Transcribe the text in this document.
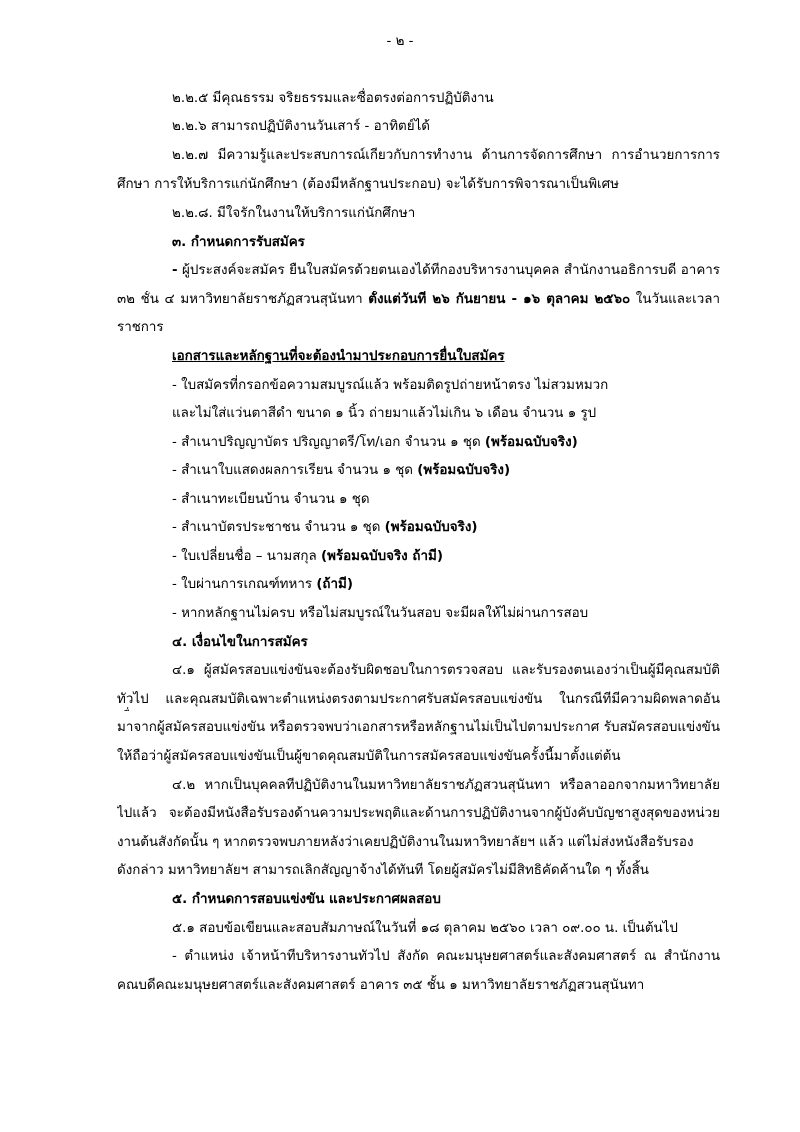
- ๒ -
๒.๒.๕ มีคุณธรรม จริยธรรมและซื่อตรงต่อการปฏิบัติงาน
๒.๒.๖ สามารถปฏิบัติงานวันเสาร์ - อาทิตย์ได้
๒.๒.๗ มีความรู้และประสบการณ์เกี่ยวกับการทำงาน ด้านการจัดการศึกษา การอำนวยการการ
ศึกษา การให้บริการแก่นักศึกษา (ต้องมีหลักฐานประกอบ) จะได้รับการพิจารณาเป็นพิเศษ
๒.๒.๘. มีใจรักในงานให้บริการแก่นักศึกษา
๓. กำหนดการรับสมัคร
- ผู้ประสงค์จะสมัคร ยื่นใบสมัครด้วยตนเองได้ที่กองบริหารงานบุคคล สำนักงานอธิการบดี อาคาร
๓๒ ชั้น ๔ มหาวิทยาลัยราชภัฏสวนสุนันทา ตั้งแต่วันที่ ๒๖ กันยายน - ๑๖ ตุลาคม ๒๕๖๐ ในวันและเวลา
ราชการ
เอกสารและหลักฐานที่จะต้องนำมาประกอบการยื่นใบสมัคร
- ใบสมัครที่กรอกข้อความสมบูรณ์แล้ว พร้อมติดรูปถ่ายหน้าตรง ไม่สวมหมวก
และไม่ใส่แว่นตาสีดำ ขนาด ๑ นิ้ว ถ่ายมาแล้วไม่เกิน ๖ เดือน จำนวน ๑ รูป
- สำเนาปริญญาบัตร ปริญญาตรี/โท/เอก จำนวน ๑ ชุด (พร้อมฉบับจริง)
- สำเนาใบแสดงผลการเรียน จำนวน ๑ ชุด (พร้อมฉบับจริง)
- สำเนาทะเบียนบ้าน จำนวน ๑ ชุด
- สำเนาบัตรประชาชน จำนวน ๑ ชุด (พร้อมฉบับจริง)
- ใบเปลี่ยนชื่อ – นามสกุล (พร้อมฉบับจริง ถ้ามี)
- ใบผ่านการเกณฑ์ทหาร (ถ้ามี)
- หากหลักฐานไม่ครบ หรือไม่สมบูรณ์ในวันสอบ จะมีผลให้ไม่ผ่านการสอบ
๔. เงื่อนไขในการสมัคร
๔.๑ ผู้สมัครสอบแข่งขันจะต้องรับผิดชอบในการตรวจสอบ และรับรองตนเองว่าเป็นผู้มีคุณสมบัติ
ทั่วไป และคุณสมบัติเฉพาะตำแหน่งตรงตามประกาศรับสมัครสอบแข่งขัน ในกรณีที่มีความผิดพลาดอัน
มาจากผู้สมัครสอบแข่งขัน หรือตรวจพบว่าเอกสารหรือหลักฐานไม่เป็นไปตามประกาศ รับสมัครสอบแข่งขัน
ให้ถือว่าผู้สมัครสอบแข่งขันเป็นผู้ขาดคุณสมบัติในการสมัครสอบแข่งขันครั้งนี้มาตั้งแต่ต้น
๔.๒ หากเป็นบุคคลที่ปฏิบัติงานในมหาวิทยาลัยราชภัฏสวนสุนันทา หรือลาออกจากมหาวิทยาลัย
ไปแล้ว จะต้องมีหนังสือรับรองด้านความประพฤติและด้านการปฏิบัติงานจากผู้บังคับบัญชาสูงสุดของหน่วย
งานต้นสังกัดนั้น ๆ หากตรวจพบภายหลังว่าเคยปฏิบัติงานในมหาวิทยาลัยฯ แล้ว แต่ไม่ส่งหนังสือรับรอง
ดังกล่าว มหาวิทยาลัยฯ สามารถเลิกสัญญาจ้างได้ทันที โดยผู้สมัครไม่มีสิทธิคัดค้านใด ๆ ทั้งสิ้น
๕. กำหนดการสอบแข่งขัน และประกาศผลสอบ
๕.๑ สอบข้อเขียนและสอบสัมภาษณ์ในวันที่ ๑๘ ตุลาคม ๒๕๖๐ เวลา ๐๙.๐๐ น. เป็นต้นไป
- ตำแหน่ง เจ้าหน้าที่บริหารงานทั่วไป สังกัด คณะมนุษยศาสตร์และสังคมศาสตร์ ณ สำนักงาน
คณบดีคณะมนุษยศาสตร์และสังคมศาสตร์ อาคาร ๓๕ ชั้น ๑ มหาวิทยาลัยราชภัฏสวนสุนันทา
